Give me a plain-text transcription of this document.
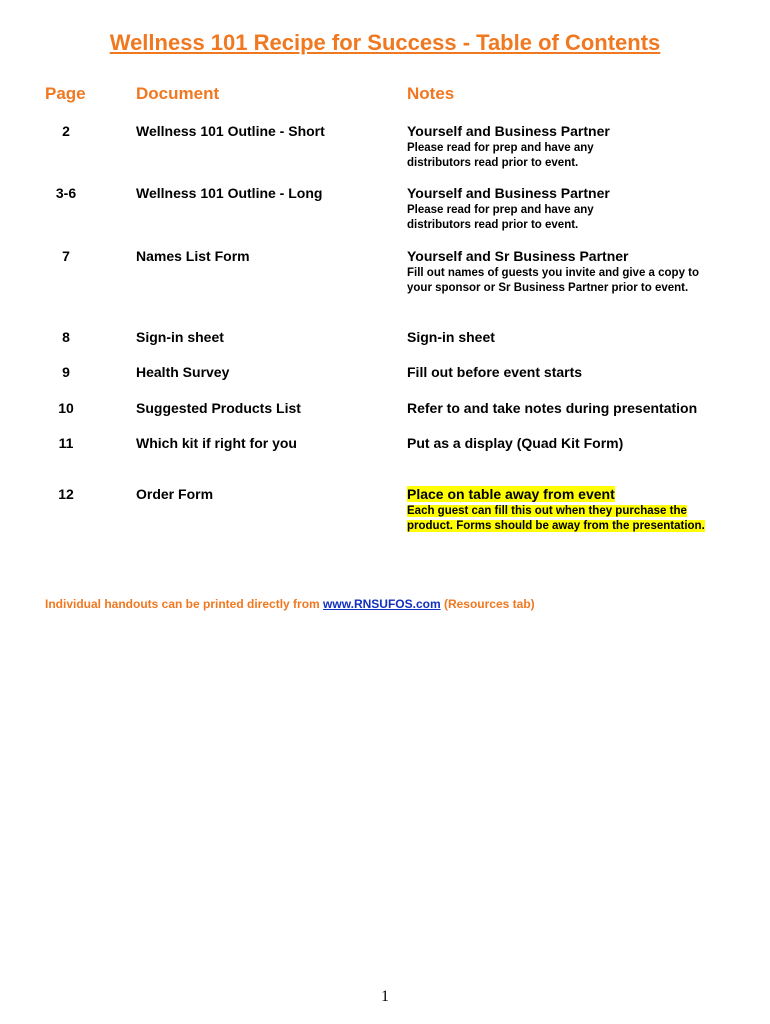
Wellness 101 Recipe for Success - Table of Contents
Page	Document	Notes
2	Wellness 101 Outline - Short	Yourself and Business Partner
Please read for prep and have any distributors read prior to event.
3-6	Wellness 101 Outline - Long	Yourself and Business Partner
Please read for prep and have any distributors read prior to event.
7	Names List Form	Yourself and Sr Business Partner
Fill out names of guests you invite and give a copy to your sponsor or Sr Business Partner prior to event.
8	Sign-in sheet	Sign-in sheet
9	Health Survey	Fill out before event starts
10	Suggested Products List	Refer to and take notes during presentation
11	Which kit if right for you	Put as a display (Quad Kit Form)
12	Order Form	Place on table away from event
Each guest can fill this out when they purchase the product. Forms should be away from the presentation.
Individual handouts can be printed directly from www.RNSUFOS.com (Resources tab)
1
